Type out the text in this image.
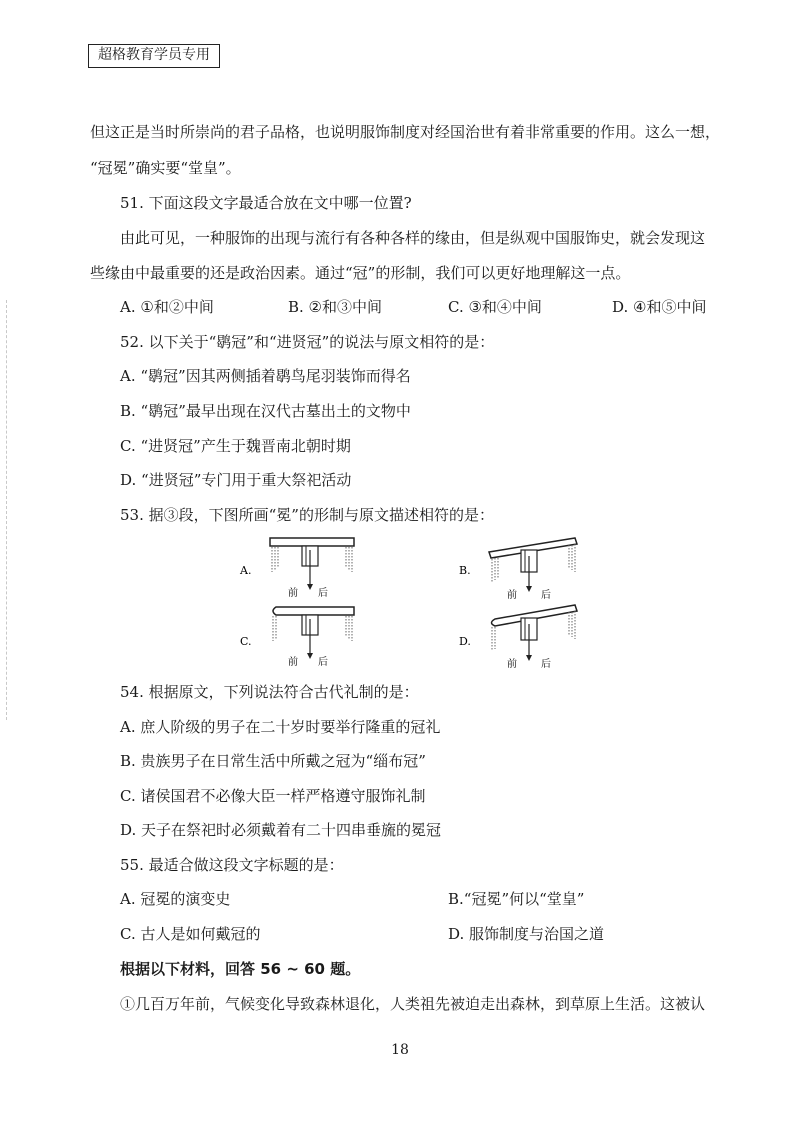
超格教育学员专用
但这正是当时所崇尚的君子品格，也说明服饰制度对经国治世有着非常重要的作用。这么一想，
“冠冕”确实要“堂皇”。
51. 下面这段文字最适合放在文中哪一位置?
由此可见，一种服饰的出现与流行有各种各样的缘由，但是纵观中国服饰史，就会发现这
些缘由中最重要的还是政治因素。通过“冠”的形制，我们可以更好地理解这一点。
A. ①和②中间	B. ②和③中间	C. ③和④中间	D. ④和⑤中间
52. 以下关于“鹖冠”和“进贤冠”的说法与原文相符的是：
A. “鹖冠”因其两侧插着鹖鸟尾羽装饰而得名
B. “鹖冠”最早出现在汉代古墓出土的文物中
C. “进贤冠”产生于魏晋南北朝时期
D. “进贤冠”专门用于重大祭祀活动
53. 据③段，下图所画“冕”的形制与原文描述相符的是：
A.
前 后
B.
前 后
C.
前 后
D.
前 后
54. 根据原文，下列说法符合古代礼制的是：
A. 庶人阶级的男子在二十岁时要举行隆重的冠礼
B. 贵族男子在日常生活中所戴之冠为“缁布冠”
C. 诸侯国君不必像大臣一样严格遵守服饰礼制
D. 天子在祭祀时必须戴着有二十四串垂旒的冕冠
55. 最适合做这段文字标题的是：
A. 冠冕的演变史	B.“冠冕”何以“堂皇”
C. 古人是如何戴冠的	D. 服饰制度与治国之道
根据以下材料，回答 56 ~ 60 题。
①几百万年前，气候变化导致森林退化，人类祖先被迫走出森林，到草原上生活。这被认
18
